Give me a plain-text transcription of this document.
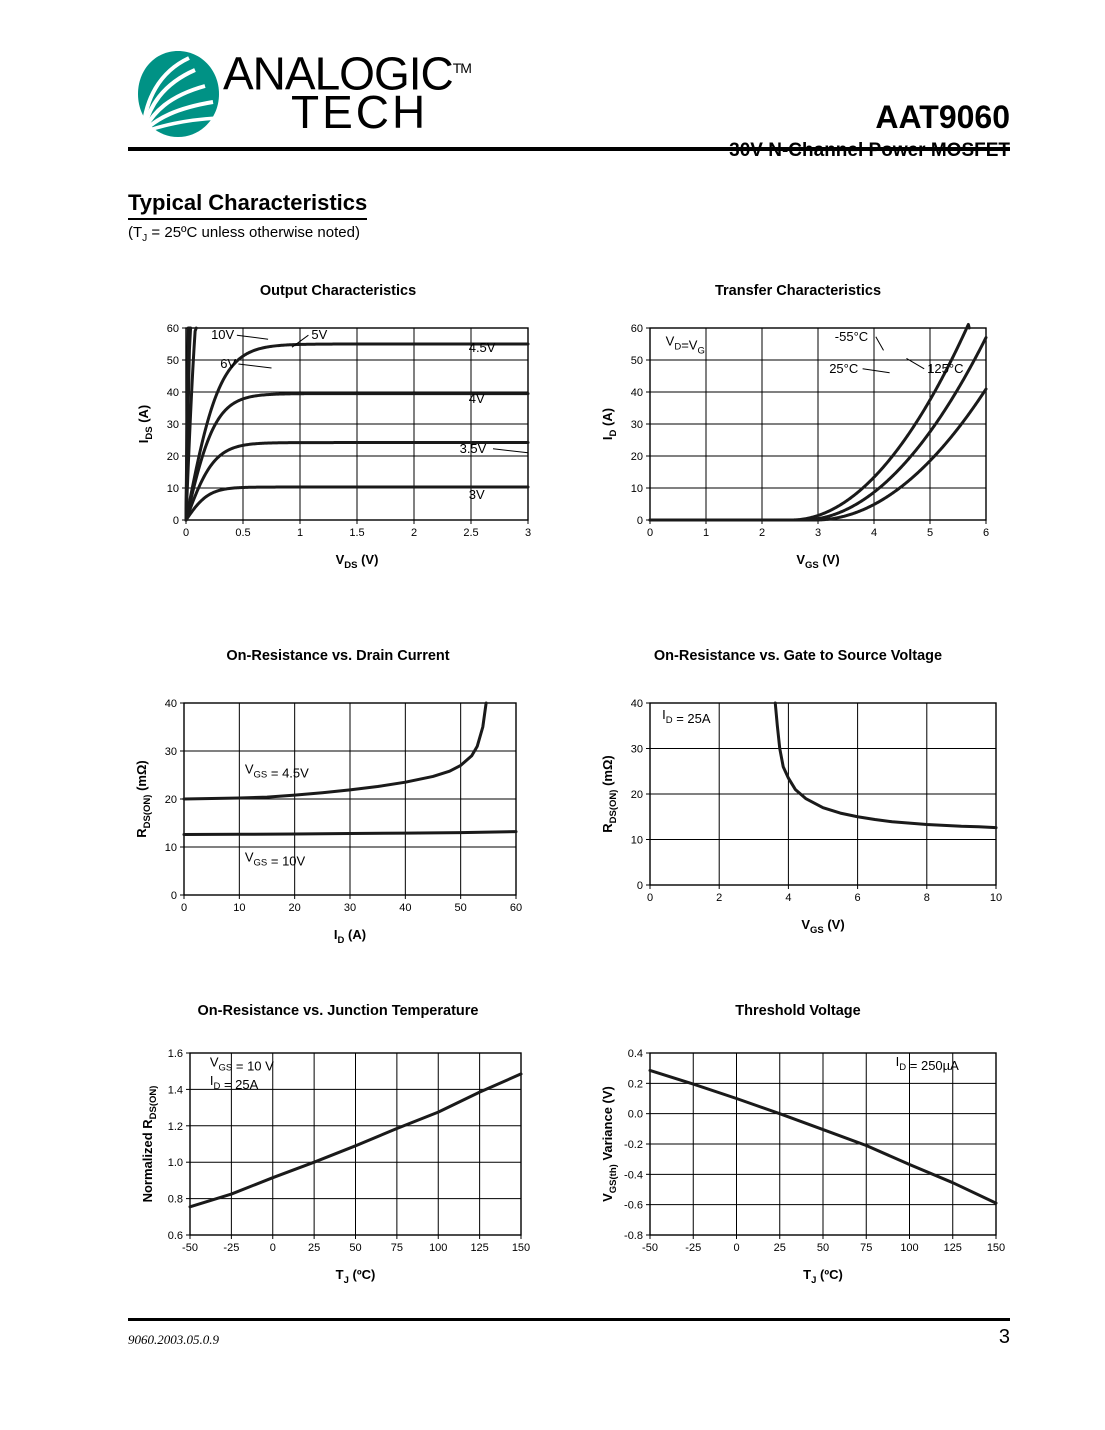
ANALOGIC™
TECH	AAT9060
Typical Characteristics
($T_J$ = 25ºC unless otherwise noted)
Output Characteristics
0	0.5	1	1.5	2	2.5	3
0
10
20
30
40
50
60
$V_{DS}$ (V)
$I_{DS}$ (A)
10V
6V
5V
4.5V
4V
3.5V
3V
Transfer Characteristics
0	1	2	3	4	5	6
0
10
20
30
40
50
60
$V_{GS}$ (V)
$I_D$ (A)
$V_D=V_G$
-55°C
25°C	125°C
On-Resistance vs. Drain Current
0	10	20	30	40	50	60
0
10
20
30
40
$I_D$ (A)
$R_{DS(ON)}$ (mΩ)	$V_{GS} = 4.5V$
$V_{GS} = 10V$
On-Resistance vs. Gate to Source Voltage
0	2	4	6	8	10
0
10
20
30
40
$V_{GS}$ (V)
$R_{DS(ON)}$ (mΩ)
$I_D = 25A$
On-Resistance vs. Junction Temperature
-50 -25	0	25	50	75 100 125 150
0.6
0.8
1.0
1.2
1.4
1.6
$T_J$ (ºC)
Normalized $R_{DS(ON)}$
$V_{GS} = 10$ V
$I_D = 25A$
Threshold Voltage
-50 -25	0	25	50	75	100 125 150
-0.8
-0.6
-0.4
-0.2
0.0
0.2
0.4
$T_J$ (ºC)
$V_{GS(th)}$ Variance (V)
$I_D = 250\mu A$
9060.2003.05.0.9	3
